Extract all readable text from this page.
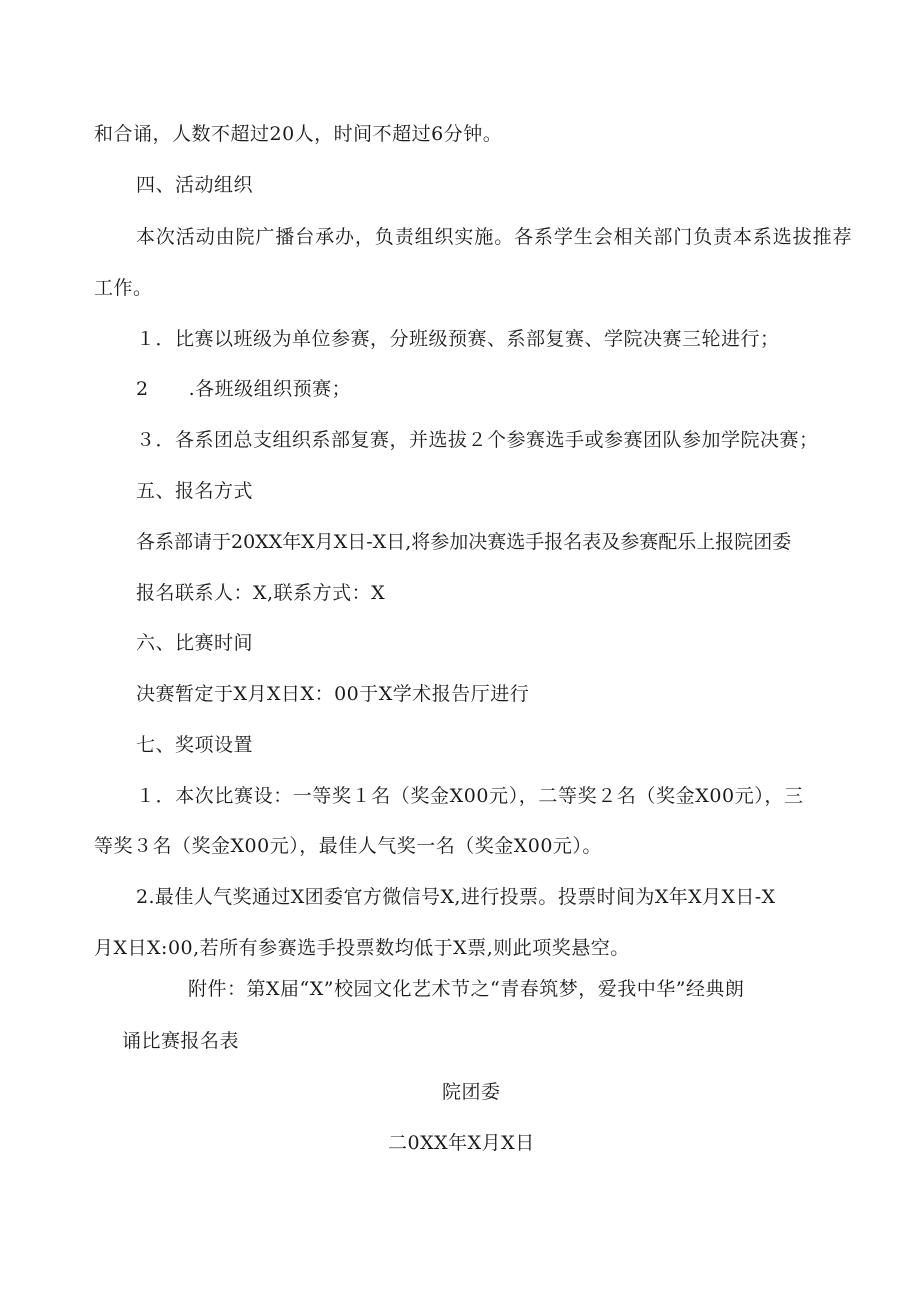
和合诵，人数不超过20人，时间不超过6分钟。
四、活动组织
本次活动由院广播台承办，负责组织实施。各系学生会相关部门负责本系选拔推荐
工作。
１．比赛以班级为单位参赛，分班级预赛、系部复赛、学院决赛三轮进行；
2 .各班级组织预赛；
３．各系团总支组织系部复赛，并选拔２个参赛选手或参赛团队参加学院决赛；
五、报名方式
各系部请于20XX年X月X日-X日,将参加决赛选手报名表及参赛配乐上报院团委
报名联系人：X,联系方式：X
六、比赛时间
决赛暂定于X月X日X：00于X学术报告厅进行
七、奖项设置
１．本次比赛设：一等奖１名（奖金X00元），二等奖２名（奖金X00元），三
等奖３名（奖金X00元），最佳人气奖一名（奖金X00元）。
2.最佳人气奖通过X团委官方微信号X,进行投票。投票时间为X年X月X日-X
月X日X:00,若所有参赛选手投票数均低于X票,则此项奖悬空。
附件：第X届“X”校园文化艺术节之“青春筑梦，爱我中华”经典朗
诵比赛报名表
院团委
二0XX年X月X日
